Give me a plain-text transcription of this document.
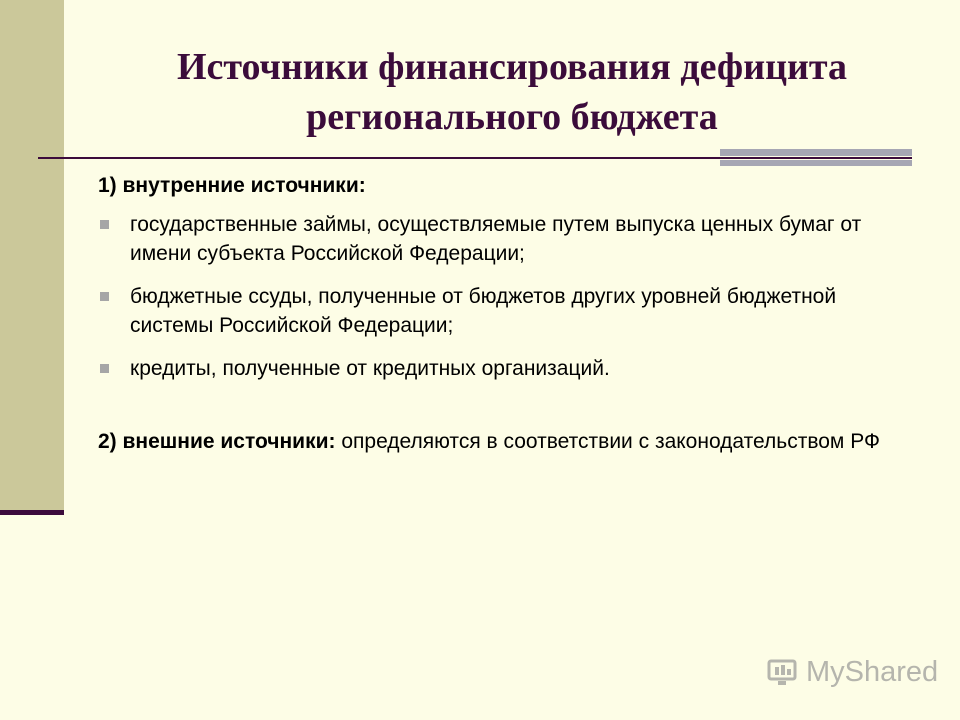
Источники финансирования дефицита регионального бюджета
1) внутренние источники:
государственные займы, осуществляемые путем выпуска ценных бумаг от имени субъекта Российской Федерации;
бюджетные ссуды, полученные от бюджетов других уровней бюджетной системы Российской Федерации;
кредиты, полученные от кредитных организаций.
2) внешние источники: определяются в соответствии с законодательством РФ
MyShared
